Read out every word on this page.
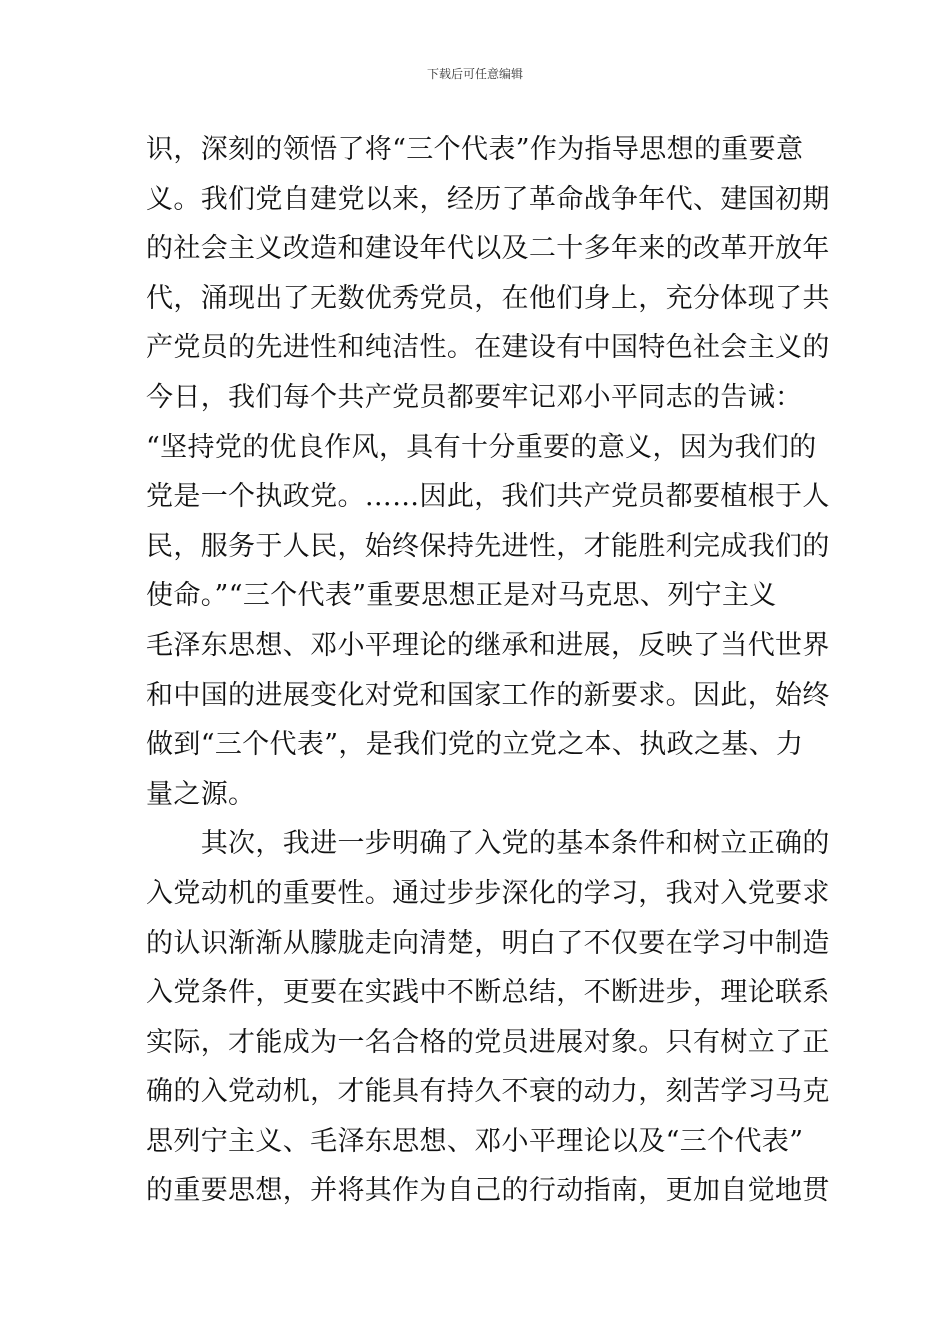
下载后可任意编辑
识，深刻的领悟了将“三个代表”作为指导思想的重要意
义。我们党自建党以来，经历了革命战争年代、建国初期
的社会主义改造和建设年代以及二十多年来的改革开放年
代，涌现出了无数优秀党员，在他们身上，充分体现了共
产党员的先进性和纯洁性。在建设有中国特色社会主义的
今日，我们每个共产党员都要牢记邓小平同志的告诫：
“坚持党的优良作风，具有十分重要的意义，因为我们的
党是一个执政党。……因此，我们共产党员都要植根于人
民，服务于人民，始终保持先进性，才能胜利完成我们的
使命。”“三个代表”重要思想正是对马克思、列宁主义
毛泽东思想、邓小平理论的继承和进展，反映了当代世界
和中国的进展变化对党和国家工作的新要求。因此，始终
做到“三个代表”，是我们党的立党之本、执政之基、力
量之源。
　　其次，我进一步明确了入党的基本条件和树立正确的
入党动机的重要性。通过步步深化的学习，我对入党要求
的认识渐渐从朦胧走向清楚，明白了不仅要在学习中制造
入党条件，更要在实践中不断总结，不断进步，理论联系
实际，才能成为一名合格的党员进展对象。只有树立了正
确的入党动机，才能具有持久不衰的动力，刻苦学习马克
思列宁主义、毛泽东思想、邓小平理论以及“三个代表”
的重要思想，并将其作为自己的行动指南，更加自觉地贯
